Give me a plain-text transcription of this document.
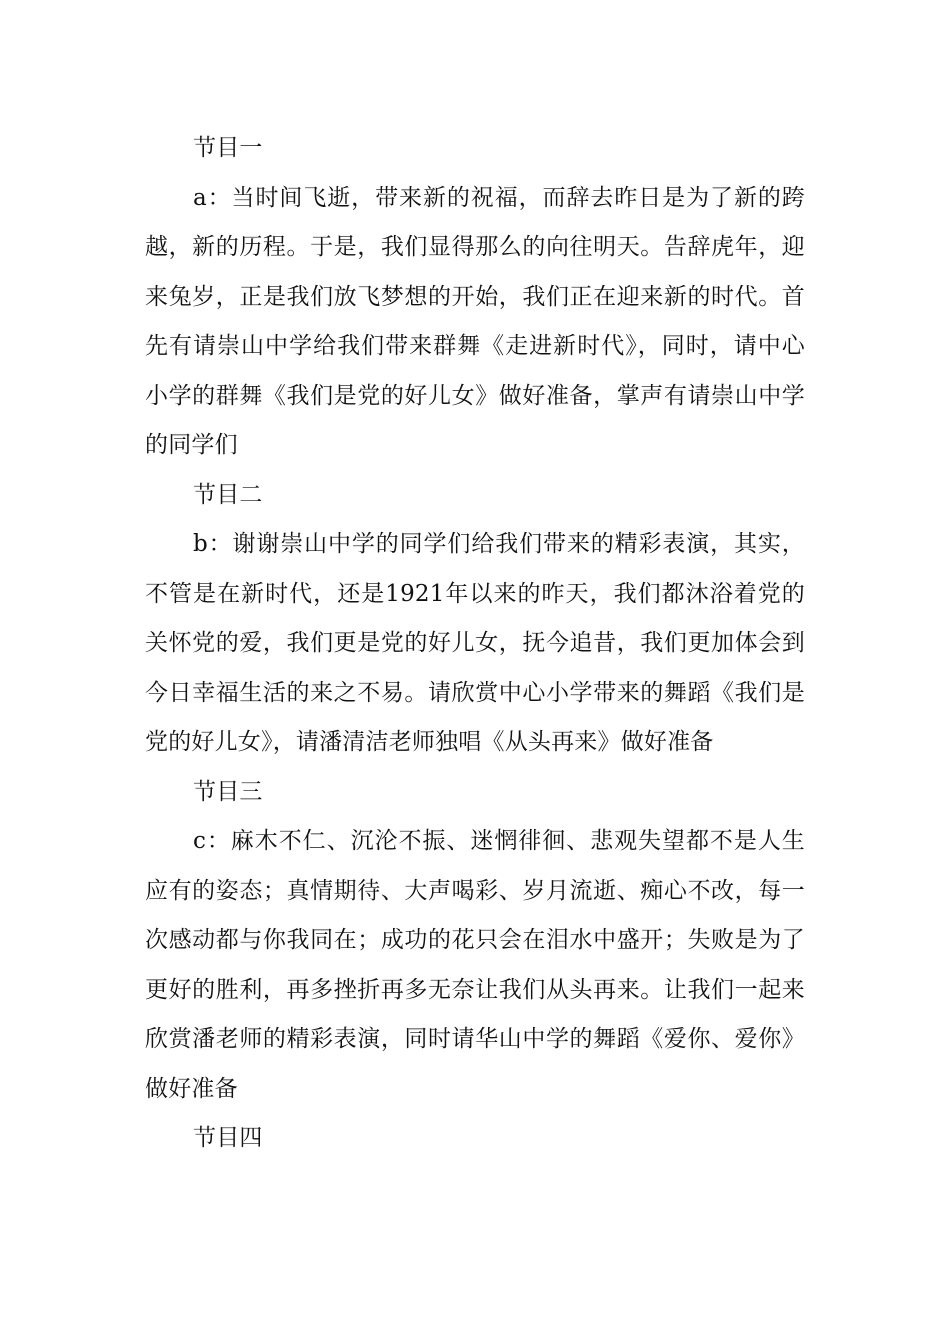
节目一

a：当时间飞逝，带来新的祝福，而辞去昨日是为了新的跨越，新的历程。于是，我们显得那么的向往明天。告辞虎年，迎来兔岁，正是我们放飞梦想的开始，我们正在迎来新的时代。首先有请崇山中学给我们带来群舞《走进新时代》，同时，请中心小学的群舞《我们是党的好儿女》做好准备，掌声有请崇山中学的同学们

节目二

b：谢谢崇山中学的同学们给我们带来的精彩表演，其实，不管是在新时代，还是1921年以来的昨天，我们都沐浴着党的关怀党的爱，我们更是党的好儿女，抚今追昔，我们更加体会到今日幸福生活的来之不易。请欣赏中心小学带来的舞蹈《我们是党的好儿女》，请潘清洁老师独唱《从头再来》做好准备

节目三

c：麻木不仁、沉沦不振、迷惘徘徊、悲观失望都不是人生应有的姿态；真情期待、大声喝彩、岁月流逝、痴心不改，每一次感动都与你我同在；成功的花只会在泪水中盛开；失败是为了更好的胜利，再多挫折再多无奈让我们从头再来。让我们一起来欣赏潘老师的精彩表演，同时请华山中学的舞蹈《爱你、爱你》做好准备

节目四
